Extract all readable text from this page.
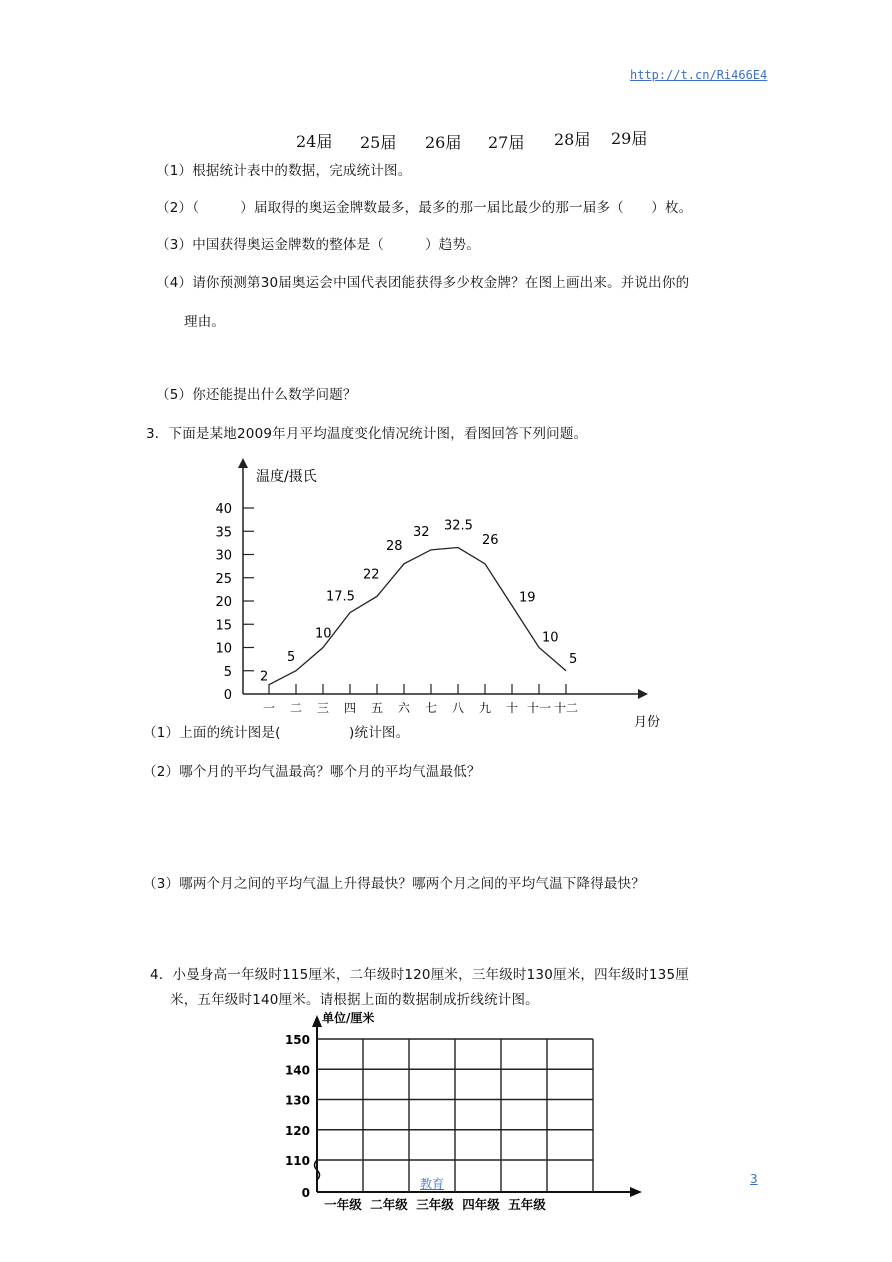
http://t.cn/Ri466E4
24届 25届 26届 27届 28届 29届
（1）根据统计表中的数据，完成统计图。
（2）（　　　）届取得的奥运金牌数最多，最多的那一届比最少的那一届多（　　）枚。
（3）中国获得奥运金牌数的整体是（　　　）趋势。
（4）请你预测第30届奥运会中国代表团能获得多少枚金牌？在图上画出来。并说出你的
理由。
（5）你还能提出什么数学问题？
3．下面是某地2009年月平均温度变化情况统计图，看图回答下列问题。
温度/摄氏
月份
0
5
10
15
20
25
30
35
40
一 二 三 四 五 六 七 八 九 十 十一 十二
2
5
10
17.5
22
28
32 32.5
26
19
10
5
（1）上面的统计图是(　　　　　)统计图。
（2）哪个月的平均气温最高？哪个月的平均气温最低？
（3）哪两个月之间的平均气温上升得最快？哪两个月之间的平均气温下降得最快？
4．小曼身高一年级时115厘米，二年级时120厘米，三年级时130厘米，四年级时135厘
米，五年级时140厘米。请根据上面的数据制成折线统计图。
单位/厘米
0
110
120
130
140
150
一年级 二年级 三年级 四年级 五年级
教育	3
